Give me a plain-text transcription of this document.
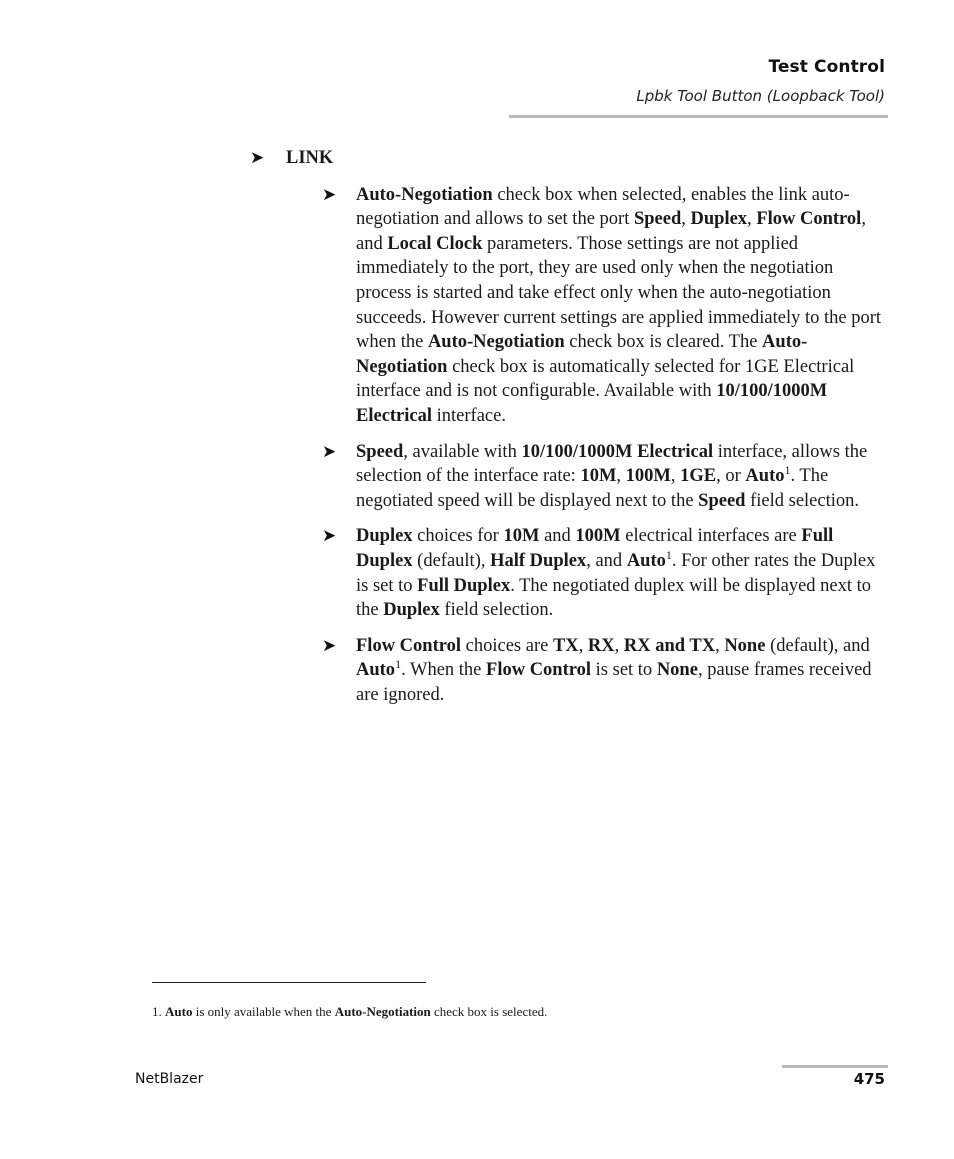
Test Control
Lpbk Tool Button (Loopback Tool)
➤ LINK
➤ Auto-Negotiation check box when selected, enables the link auto-negotiation and allows to set the port Speed, Duplex, Flow Control, and Local Clock parameters. Those settings are not applied immediately to the port, they are used only when the negotiation process is started and take effect only when the auto-negotiation succeeds. However current settings are applied immediately to the port when the Auto-Negotiation check box is cleared. The Auto-Negotiation check box is automatically selected for 1GE Electrical interface and is not configurable. Available with 10/100/1000M Electrical interface.
➤ Speed, available with 10/100/1000M Electrical interface, allows the selection of the interface rate: 10M, 100M, 1GE, or Auto$^1$. The negotiated speed will be displayed next to the Speed field selection.
➤ Duplex choices for 10M and 100M electrical interfaces are Full Duplex (default), Half Duplex, and Auto$^1$. For other rates the Duplex is set to Full Duplex. The negotiated duplex will be displayed next to the Duplex field selection.
➤ Flow Control choices are TX, RX, RX and TX, None (default), and Auto$^1$. When the Flow Control is set to None, pause frames received are ignored.
1. Auto is only available when the Auto-Negotiation check box is selected.
NetBlazer	475
